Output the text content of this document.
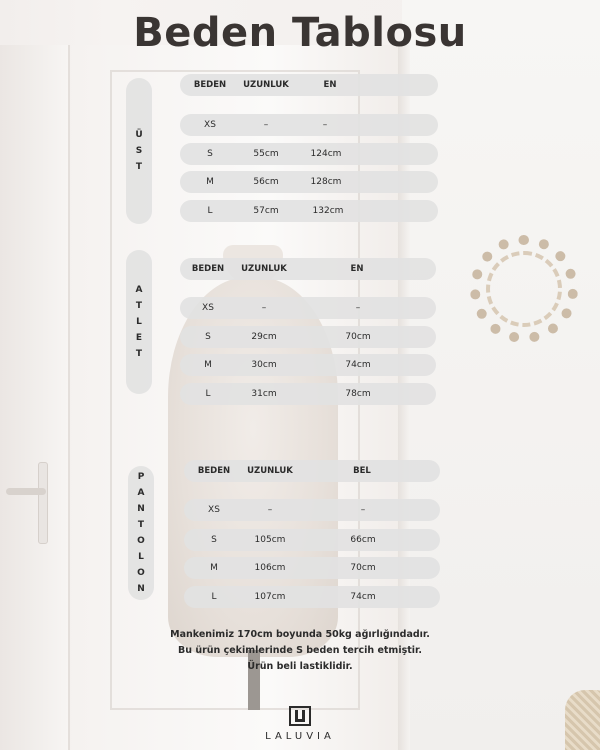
Beden Tablosu
Ü
S
T
BEDEN UZUNLUK	EN
XS	–	–
S	55cm	124cm
M	56cm	128cm
L	57cm	132cm
A
T
L
E
T
BEDEN UZUNLUK	EN
XS	–	–
S	29cm	70cm
M	30cm	74cm
L	31cm	78cm
P
A
N
T
O
L
O
N
BEDEN UZUNLUK	BEL
XS	–	–
S	105cm	66cm
M	106cm	70cm
L	107cm	74cm
Mankenimiz 170cm boyunda 50kg ağırlığındadır.
Bu ürün çekimlerinde S beden tercih etmiştir.
Ürün beli lastiklidir.
LALUVIA
